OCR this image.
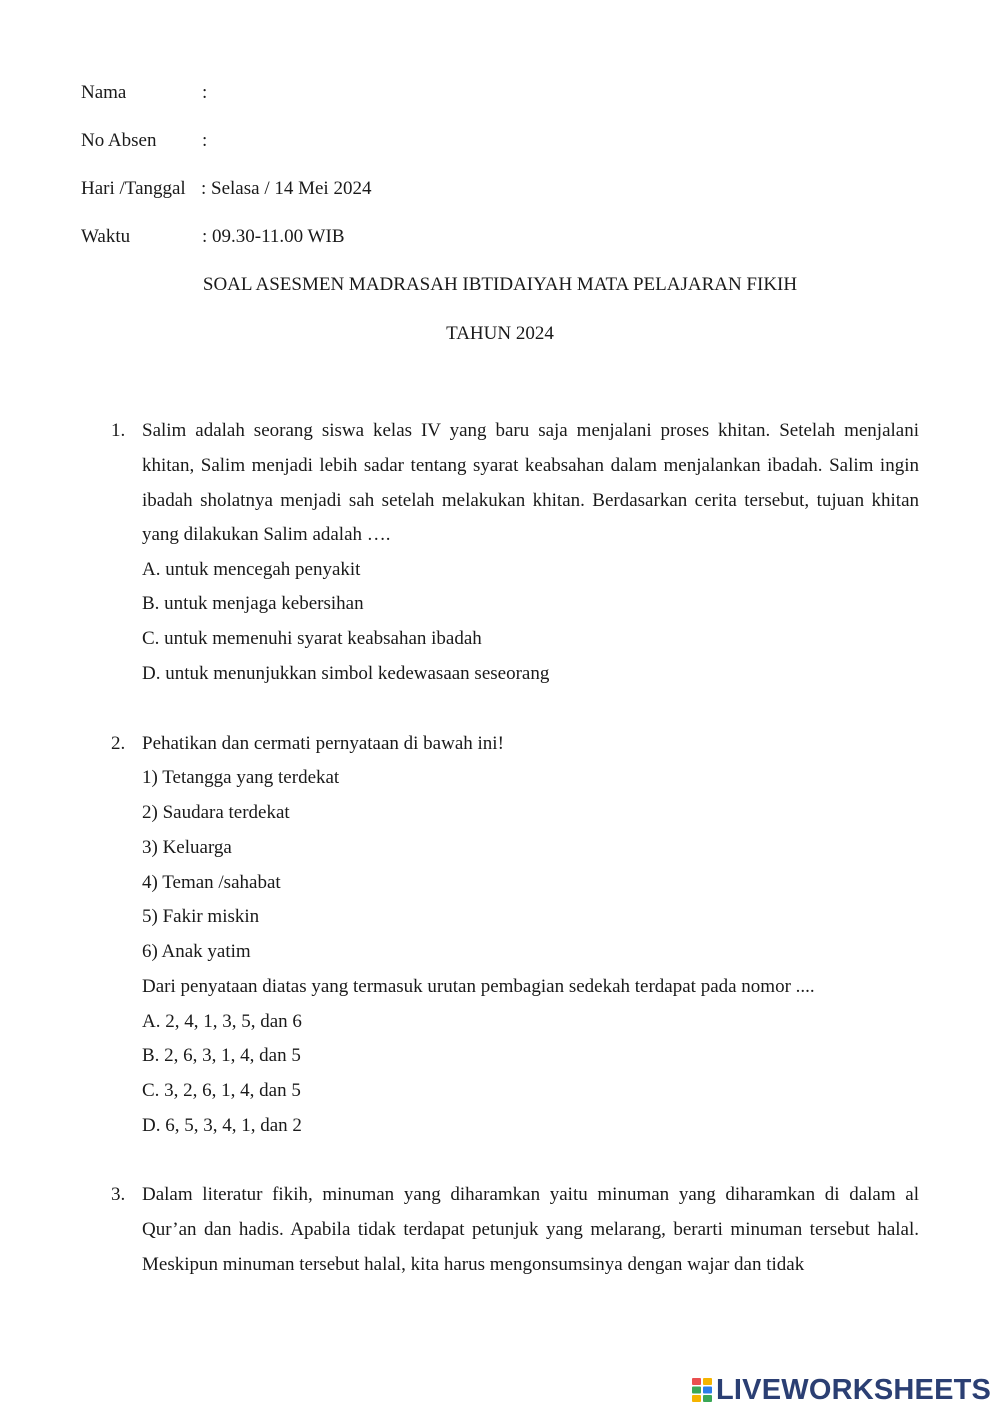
Nama	:
No Absen :
Hari /Tanggal : Selasa / 14 Mei 2024
Waktu	: 09.30-11.00 WIB
SOAL ASESMEN MADRASAH IBTIDAIYAH MATA PELAJARAN FIKIH
TAHUN 2024
1. Salim adalah seorang siswa kelas IV yang baru saja menjalani proses khitan. Setelah menjalani khitan, Salim menjadi lebih sadar tentang syarat keabsahan dalam menjalankan ibadah. Salim ingin ibadah sholatnya menjadi sah setelah melakukan khitan. Berdasarkan cerita tersebut, tujuan khitan yang dilakukan Salim adalah ….
A. untuk mencegah penyakit
B. untuk menjaga kebersihan
C. untuk memenuhi syarat keabsahan ibadah
D. untuk menunjukkan simbol kedewasaan seseorang
2. Pehatikan dan cermati pernyataan di bawah ini!
1) Tetangga yang terdekat
2) Saudara terdekat
3) Keluarga
4) Teman /sahabat
5) Fakir miskin
6) Anak yatim
Dari penyataan diatas yang termasuk urutan pembagian sedekah terdapat pada nomor ....
A. 2, 4, 1, 3, 5, dan 6
B. 2, 6, 3, 1, 4, dan 5
C. 3, 2, 6, 1, 4, dan 5
D. 6, 5, 3, 4, 1, dan 2
3. Dalam literatur fikih, minuman yang diharamkan yaitu minuman yang diharamkan di dalam al Qur’an dan hadis. Apabila tidak terdapat petunjuk yang melarang, berarti minuman tersebut halal. Meskipun minuman tersebut halal, kita harus mengonsumsinya dengan wajar dan tidak
LIVEWORKSHEETS
